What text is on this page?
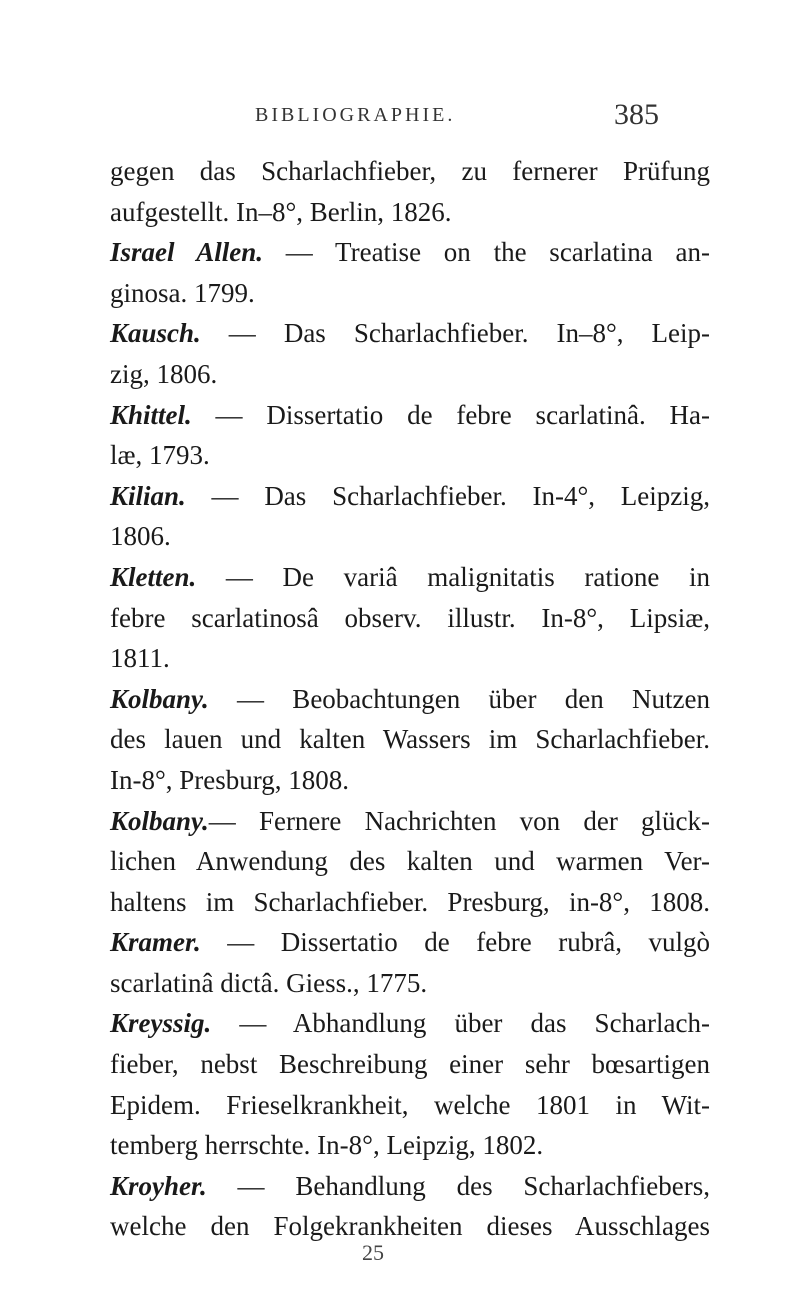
BIBLIOGRAPHIE.	385
gegen das Scharlachfieber, zu fernerer Prüfung
aufgestellt. In–8°, Berlin, 1826.
Israel Allen. — Treatise on the scarlatina an-
ginosa. 1799.
Kausch. — Das Scharlachfieber. In–8°, Leip-
zig, 1806.
Khittel. — Dissertatio de febre scarlatinâ. Ha-
læ, 1793.
Kilian. — Das Scharlachfieber. In-4°, Leipzig,
1806.
Kletten. — De variâ malignitatis ratione in
febre scarlatinosâ observ. illustr. In-8°, Lipsiæ,
1811.
Kolbany. — Beobachtungen über den Nutzen
des lauen und kalten Wassers im Scharlachfieber.
In-8°, Presburg, 1808.
Kolbany.— Fernere Nachrichten von der glück-
lichen Anwendung des kalten und warmen Ver-
haltens im Scharlachfieber. Presburg, in-8°, 1808.
Kramer. — Dissertatio de febre rubrâ, vulgò
scarlatinâ dictâ. Giess., 1775.
Kreyssig. — Abhandlung über das Scharlach-
fieber, nebst Beschreibung einer sehr bœsartigen
Epidem. Frieselkrankheit, welche 1801 in Wit-
temberg herrschte. In-8°, Leipzig, 1802.
Kroyher. — Behandlung des Scharlachfiebers,
welche den Folgekrankheiten dieses Ausschlages
25
